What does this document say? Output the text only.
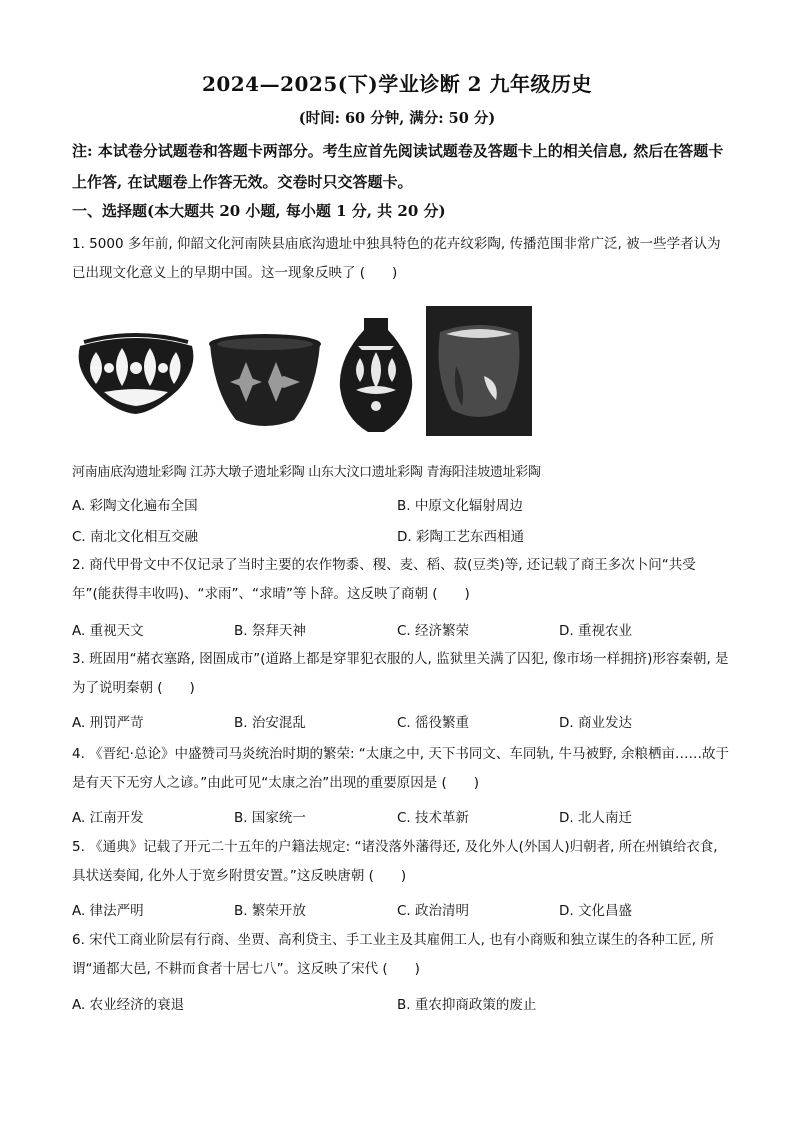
2024—2025(下)学业诊断 2 九年级历史
(时间: 60 分钟, 满分: 50 分)
注: 本试卷分试题卷和答题卡两部分。考生应首先阅读试题卷及答题卡上的相关信息, 然后在答题卡上作答, 在试题卷上作答无效。交卷时只交答题卡。
一、选择题(本大题共 20 小题, 每小题 1 分, 共 20 分)
1. 5000 多年前, 仰韶文化河南陕县庙底沟遗址中独具特色的花卉纹彩陶, 传播范围非常广泛, 被一些学者认为已出现文化意义上的早期中国。这一现象反映了 (　　)
河南庙底沟遗址彩陶 江苏大墩子遗址彩陶 山东大汶口遗址彩陶 青海阳洼坡遗址彩陶
A. 彩陶文化遍布全国	B. 中原文化辐射周边
C. 南北文化相互交融	D. 彩陶工艺东西相通
2. 商代甲骨文中不仅记录了当时主要的农作物黍、稷、麦、稻、菽(豆类)等, 还记载了商王多次卜问“共受年”(能获得丰收吗)、“求雨”、“求晴”等卜辞。这反映了商朝 (　　)
A. 重视天文	B. 祭拜天神	C. 经济繁荣	D. 重视农业
3. 班固用“赭衣塞路, 囹圄成市”(道路上都是穿罪犯衣服的人, 监狱里关满了囚犯, 像市场一样拥挤)形容秦朝, 是为了说明秦朝 (　　)
A. 刑罚严苛	B. 治安混乱	C. 徭役繁重	D. 商业发达
4. 《晋纪·总论》中盛赞司马炎统治时期的繁荣: “太康之中, 天下书同文、车同轨, 牛马被野, 余粮栖亩……故于是有天下无穷人之谚。”由此可见“太康之治”出现的重要原因是 (　　)
A. 江南开发	B. 国家统一	C. 技术革新	D. 北人南迁
5. 《通典》记载了开元二十五年的户籍法规定: “诸没落外藩得还, 及化外人(外国人)归朝者, 所在州镇给衣食, 具状送奏闻, 化外人于宽乡附贯安置。”这反映唐朝 (　　)
A. 律法严明	B. 繁荣开放	C. 政治清明	D. 文化昌盛
6. 宋代工商业阶层有行商、坐贾、高利贷主、手工业主及其雇佣工人, 也有小商贩和独立谋生的各种工匠, 所谓“通都大邑, 不耕而食者十居七八”。这反映了宋代 (　　)
A. 农业经济的衰退	B. 重农抑商政策的废止
